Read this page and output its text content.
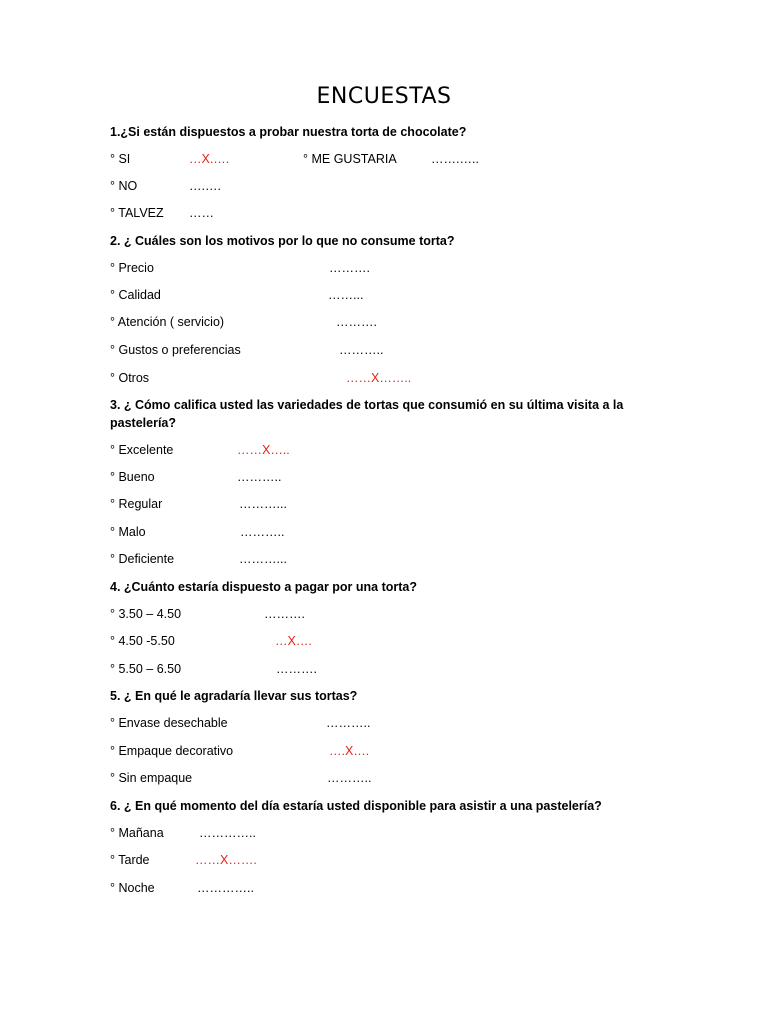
ENCUESTAS
1.¿Si están dispuestos a probar nuestra torta de chocolate?
° SI	…X.….	° ME GUSTARIA	…….…..
° NO	….….
° TALVEZ ……
2. ¿ Cuáles son los motivos por lo que no consume torta?
° Precio	……….
° Calidad	……...
° Atención ( servicio)	……….
° Gustos o preferencias	………..
° Otros	……X……..
3. ¿ Cómo califica usted las variedades de tortas que consumió en su última visita a la pastelería?
° Excelente	……X…..
° Bueno	………..
° Regular	………...
° Malo	………..
° Deficiente	………...
4. ¿Cuánto estaría dispuesto a pagar por una torta?
° 3.50 – 4.50	……….
° 4.50 -5.50	…X….
° 5.50 – 6.50	……….
5. ¿ En qué le agradaría llevar sus tortas?
° Envase desechable	………..
° Empaque decorativo	….X….
° Sin empaque	………..
6. ¿ En qué momento del día estaría usted disponible para asistir a una pastelería?
° Mañana	…………..
° Tarde	……X…….
° Noche	…………..
